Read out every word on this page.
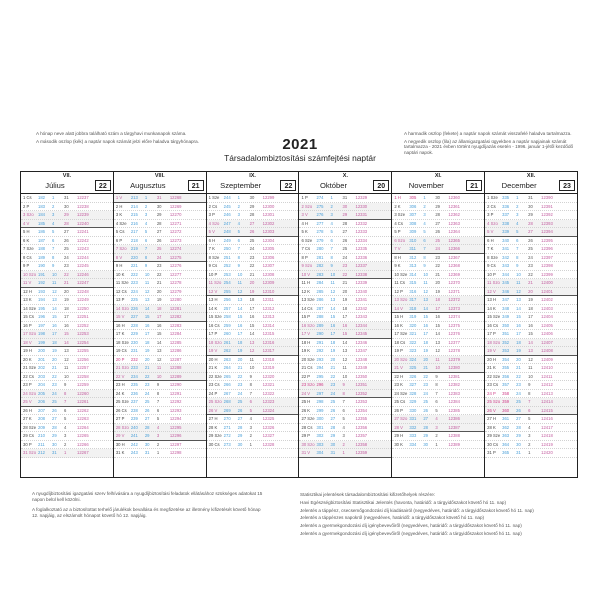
A hónap neve alatt jobbra található szám a tárgyhavi munkanapok száma.

A második oszlop (kék) a naptár napok számát jelzi előre haladva tárgyhónapra.	2021
Társadalombiztosítási számfejtési naptár

A harmadik oszlop (fekete) a naptár napok számát visszafelé haladva tartalmazza.

A negyedik oszlop (lila) az államigazgatási ügyekben a naptár napjainak számát tartalmazza - 2021 évben történt nyugdíjazás esetén - 1996. január 1-jétől kezdődő naptári napok.

VII.
Július	22
1 Cs	182	1	31	12237
2 P	183	2	30	12238
3 Szo	184	3	29	12239
4 V	185	4	28	12240
5 H	186	5	27	12241
6 K	187	6	26	12242
7 Sze	188	7	25	12243
8 Cs	189	8	24	12244
9 P	190	9	23	12245
10 Szo 191	10	22	12246
11 V	192	11	21	12247
12 H	193	12	20	12248
13 K	194	13	19	12249
14 Sze 195	14	18	12250
15 Cs 196	15	17	12251
16 P	197	16	16	12252
17 Szo 198	17	15	12253
18 V	199	18	14	12254
19 H	200	19	13	12255
20 K	201	20	12	12256
21 Sze 202	21	11	12257
22 Cs 203	22	10	12258
23 P	204	23	9	12259
24 Szo 205	24	8	12260
25 V	206	25	7	12261
26 H	207	26	6	12262
27 K	208	27	5	12263
28 Sze 209	28	4	12264
29 Cs 210	29	3	12265
30 P	211	30	2	12266
31 Szo 212	31	1	12267
VIII.
Augusztus	21
1 V	213	1	31	12268
2 H	214	2	30	12269
3 K	215	3	29	12270
4 Sze	216	4	28	12271
5 Cs	217	5	27	12272
6 P	218	6	26	12273
7 Szo	219	7	25	12274
8 V	220	8	24	12275
9 H	221	9	23	12276
10 K	222	10	22	12277
11 Sze 223	11	21	12278
12 Cs 224	12	20	12279
13 P	225	13	19	12280
14 Szo 226	14	18	12281
15 V	227	15	17	12282
16 H	228	16	16	12283
17 K	229	17	15	12284
18 Sze 230	18	14	12285
19 Cs 231	19	13	12286
20 P	232	20	12	12287
21 Szo 233	21	11	12288
22 V	234	22	10	12289
23 H	235	23	9	12290
24 K	236	24	8	12291
25 Sze 237	25	7	12292
26 Cs 238	26	6	12293
27 P	239	27	5	12294
28 Szo 240	28	4	12295
29 V	241	29	3	12296
30 H	242	30	2	12297
31 K	243	31	1	12298
IX.
Szeptember	22
1 Sze	244	1	30	12299
2 Cs	245	2	29	12300
3 P	246	3	28	12301
4 Szo	247	4	27	12302
5 V	248	5	26	12303
6 H	249	6	25	12304
7 K	250	7	24	12305
8 Sze	251	8	23	12306
9 Cs	252	9	22	12307
10 P	253	10	21	12308
11 Szo 254	11	20	12309
12 V	255	12	19	12310
13 H	256	13	18	12311
14 K	257	14	17	12312
15 Sze 258	15	16	12313
16 Cs 259	16	15	12314
17 P	260	17	14	12315
18 Szo 261	18	13	12316
19 V	262	19	12	12317
20 H	263	20	11	12318
21 K	264	21	10	12319
22 Sze 265	22	9	12320
23 Cs 266	23	8	12321
24 P	267	24	7	12322
25 Szo 268	25	6	12323
26 V	269	26	5	12324
27 H	270	27	4	12325
28 K	271	28	3	12326
29 Sze 272	29	2	12327
30 Cs 273	30	1	12328
X.
Október	20
1 P	274	1	31	12329
2 Szo	275	2	30	12330
3 V	276	3	29	12331
4 H	277	4	28	12332
5 K	278	5	27	12333
6 Sze	279	6	26	12334
7 Cs	280	7	25	12335
8 P	281	8	24	12336
9 Szo	282	9	23	12337
10 V	283	10	22	12338
11 H	284	11	21	12339
12 K	285	12	20	12340
13 Sze 286	13	19	12341
14 Cs 287	14	18	12342
15 P	288	15	17	12343
16 Szo 289	16	16	12344
17 V	290	17	15	12345
18 H	291	18	14	12346
19 K	292	19	13	12347
20 Sze 293	20	12	12348
21 Cs 294	21	11	12349
22 P	295	22	10	12350
23 Szo 296	23	9	12351
24 V	297	24	8	12352
25 H	298	25	7	12353
26 K	299	26	6	12354
27 Sze 300	27	5	12355
28 Cs 301	28	4	12356
29 P	302	29	3	12357
30 Szo 303	30	2	12358
31 V	304	31	1	12359
XI.
November	21
1 H	305	1	30	12360
2 K	306	2	29	12361
3 Sze	307	3	28	12362
4 Cs	308	4	27	12363
5 P	309	5	26	12364
6 Szo	310	6	25	12365
7 V	311	7	24	12366
8 H	312	8	23	12367
9 K	313	9	22	12368
10 Sze 314	10	21	12369
11 Cs	315	11	20	12370
12 P	316	12	19	12371
13 Szo 317	13	18	12372
14 V	318	14	17	12373
15 H	319	15	16	12374
16 K	320	16	15	12375
17 Sze 321	17	14	12376
18 Cs 322	18	13	12377
19 P	323	19	12	12378
20 Szo 324	20	11	12379
21 V	325	21	10	12380
22 H	326	22	9	12381
23 K	327	23	8	12382
24 Sze 328	24	7	12383
25 Cs 329	25	6	12384
26 P	330	26	5	12385
27 Szo 331	27	4	12386
28 V	332	28	3	12387
29 H	333	29	2	12388
30 K	334	30	1	12389
XII.
December	23
1 Sze	335	1	31	12390
2 Cs	336	2	30	12391
3 P	337	3	29	12392
4 Szo	338	4	28	12393
5 V	339	5	27	12394
6 H	340	6	26	12395
7 K	341	7	25	12396
8 Sze	342	8	24	12397
9 Cs	343	9	23	12398
10 P	344	10	22	12399
11 Szo 345	11	21	12400
12 V	346	12	20	12401
13 H	347	13	19	12402
14 K	348	14	18	12403
15 Sze 349	15	17	12404
16 Cs 350	16	16	12405
17 P	351	17	15	12406
18 Szo 352	18	14	12407
19 V	353	19	13	12408
20 H	354	20	12	12409
21 K	355	21	11	12410
22 Sze 356	22	10	12411
23 Cs 357	23	9	12412
24 P	358	24	8	12413
25 Szo 359	25	7	12414
26 V	360	26	6	12415
27 H	361	27	5	12416
28 K	362	28	4	12417
29 Sze 363	29	3	12418
30 Cs 364	30	2	12419
31 P	365	31	1	12420

A nyugdíjbiztosítási igazgatási szerv felhívására a nyugdíjbiztosítási feladatok ellátásához szükséges adatokat 15 napon belül kell közölni.

A foglalkoztató az a biztosítottat terhelő járulékok bevallása és megfizetése az illetmény kifizetését követő hónap 12. napjáig, az elszámolt hónapot követő hó 12. napjáig.

Statisztikai jelentések társadalombiztosítási kifizetőhelyek részére:
Havi Egészségbiztosítási Statisztikai Jelentés (havonta, határidő: a tárgyidőszakot követő hó 11. nap)
Jelentés a táppénz, csecsemőgondozási díj kiadásairól (negyedéves, határidő: a tárgyidőszakot követő hó 11. nap)
Jelentés a táppénzes napokról (negyedéves, határidő: a tárgyidőszakot követő hó 11. nap)
Jelentés a gyermekgondozási díj igénybevevőiről (negyedéves, határidő: a tárgyidőszakot követő hó 11. nap)
Jelentés a gyermekgondozási díj igénybevevőiről (negyedéves, határidő: a tárgyidőszakot követő hó 11. nap)
